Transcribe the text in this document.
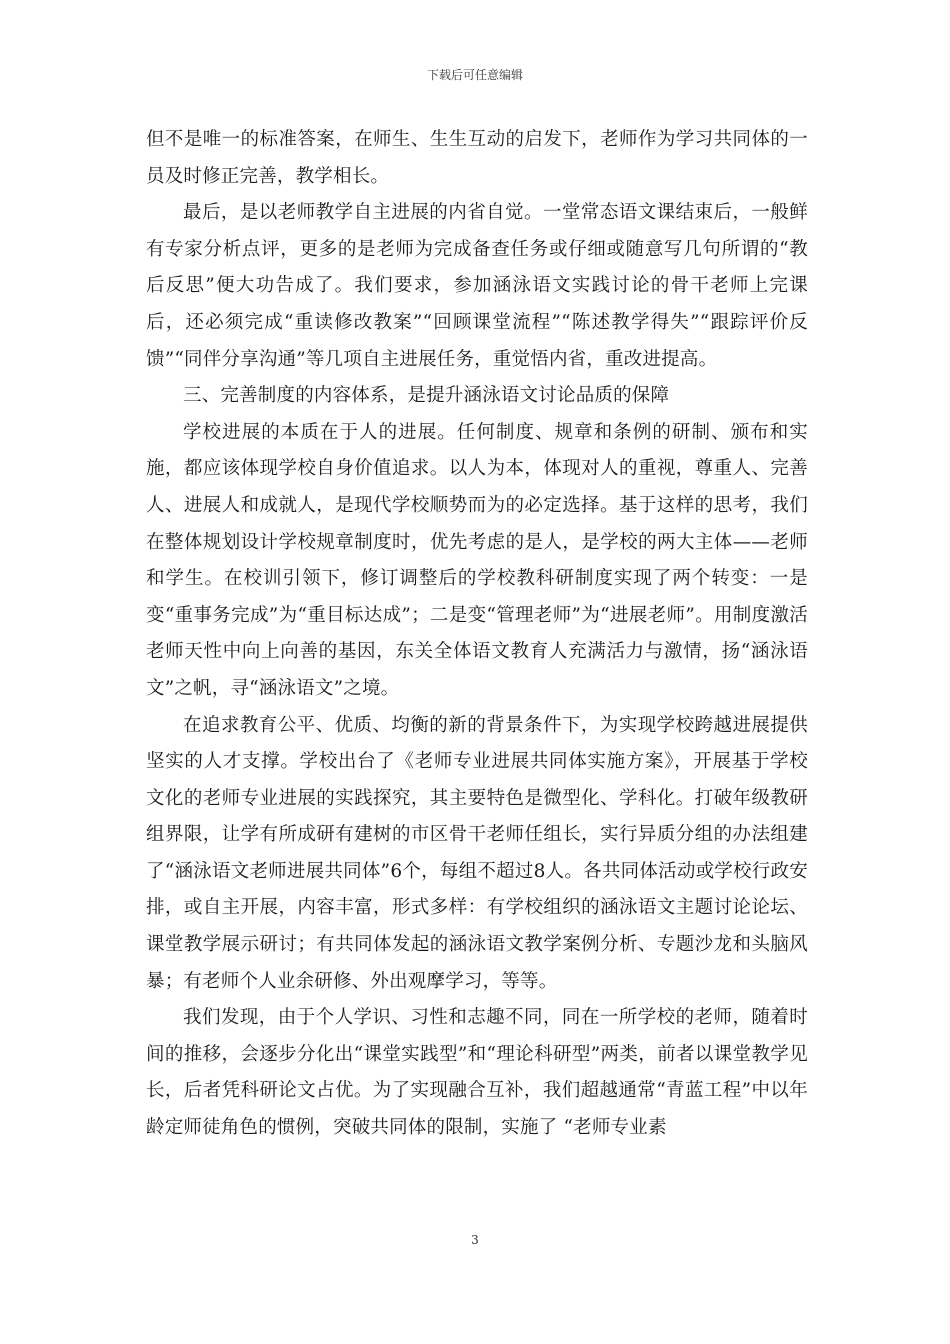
下载后可任意编辑

但不是唯一的标准答案，在师生、生生互动的启发下，老师作为学习共同体的一员及时修正完善，教学相长。

最后，是以老师教学自主进展的内省自觉。一堂常态语文课结束后，一般鲜有专家分析点评，更多的是老师为完成备查任务或仔细或随意写几句所谓的“教后反思”便大功告成了。我们要求，参加涵泳语文实践讨论的骨干老师上完课后，还必须完成“重读修改教案”“回顾课堂流程”“陈述教学得失”“跟踪评价反馈”“同伴分享沟通”等几项自主进展任务，重觉悟内省，重改进提高。

三、完善制度的内容体系，是提升涵泳语文讨论品质的保障

学校进展的本质在于人的进展。任何制度、规章和条例的研制、颁布和实施，都应该体现学校自身价值追求。以人为本，体现对人的重视，尊重人、完善人、进展人和成就人，是现代学校顺势而为的必定选择。基于这样的思考，我们在整体规划设计学校规章制度时，优先考虑的是人，是学校的两大主体——老师和学生。在校训引领下，修订调整后的学校教科研制度实现了两个转变：一是变“重事务完成”为“重目标达成”；二是变“管理老师”为“进展老师”。用制度激活老师天性中向上向善的基因，东关全体语文教育人充满活力与激情，扬“涵泳语文”之帆，寻“涵泳语文”之境。

在追求教育公平、优质、均衡的新的背景条件下，为实现学校跨越进展提供坚实的人才支撑。学校出台了《老师专业进展共同体实施方案》，开展基于学校文化的老师专业进展的实践探究，其主要特色是微型化、学科化。打破年级教研组界限，让学有所成研有建树的市区骨干老师任组长，实行异质分组的办法组建了“涵泳语文老师进展共同体”6个，每组不超过8人。各共同体活动或学校行政安排，或自主开展，内容丰富，形式多样：有学校组织的涵泳语文主题讨论论坛、课堂教学展示研讨；有共同体发起的涵泳语文教学案例分析、专题沙龙和头脑风暴；有老师个人业余研修、外出观摩学习，等等。

我们发现，由于个人学识、习性和志趣不同，同在一所学校的老师，随着时间的推移，会逐步分化出“课堂实践型”和“理论科研型”两类，前者以课堂教学见长，后者凭科研论文占优。为了实现融合互补，我们超越通常“青蓝工程”中以年龄定师徒角色的惯例，突破共同体的限制，实施了 “老师专业素

3
